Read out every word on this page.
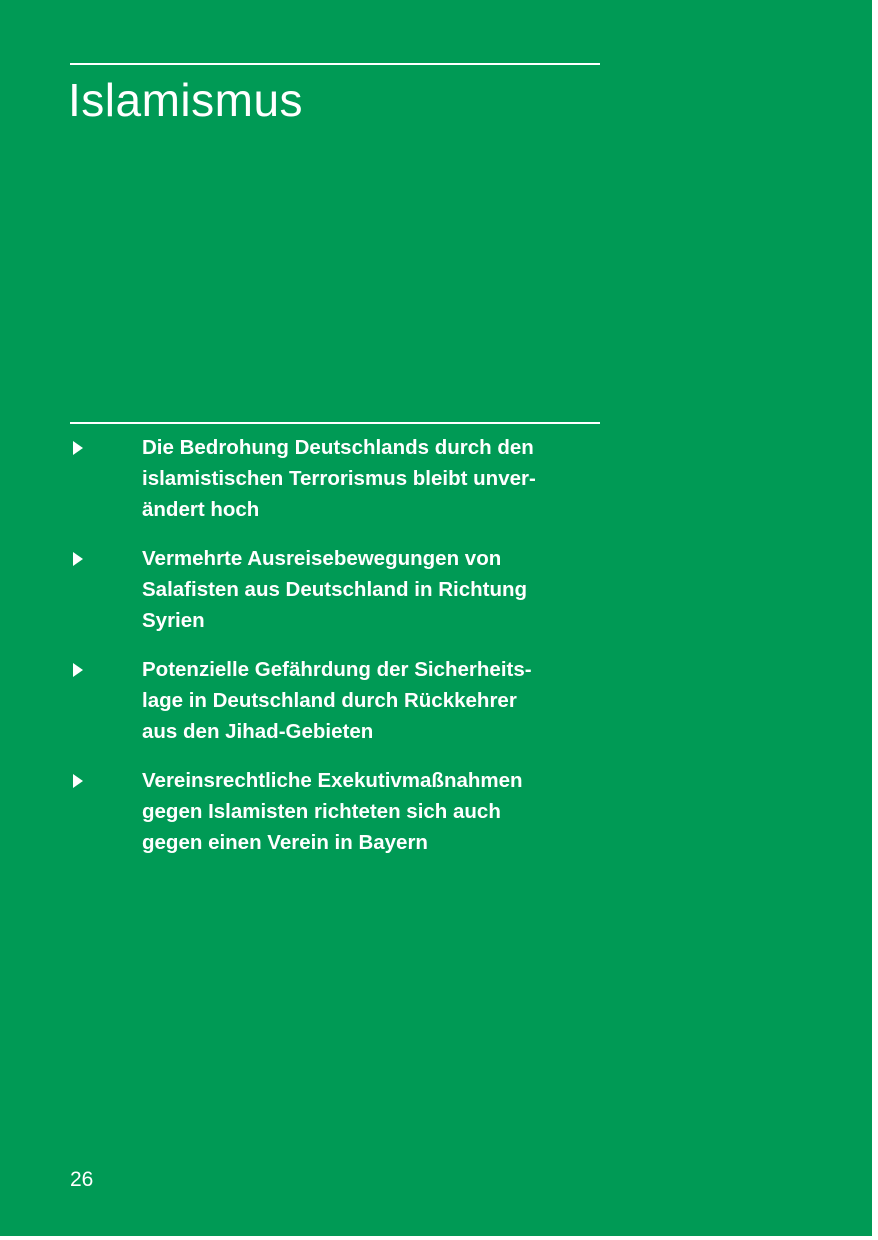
Islamismus
Die Bedrohung Deutschlands durch den
islamistischen Terrorismus bleibt unver-
ändert hoch
Vermehrte Ausreisebewegungen von
Salafisten aus Deutschland in Richtung
Syrien
Potenzielle Gefährdung der Sicherheits-
lage in Deutschland durch Rückkehrer
aus den Jihad-Gebieten
Vereinsrechtliche Exekutivmaßnahmen
gegen Islamisten richteten sich auch
gegen einen Verein in Bayern
26
